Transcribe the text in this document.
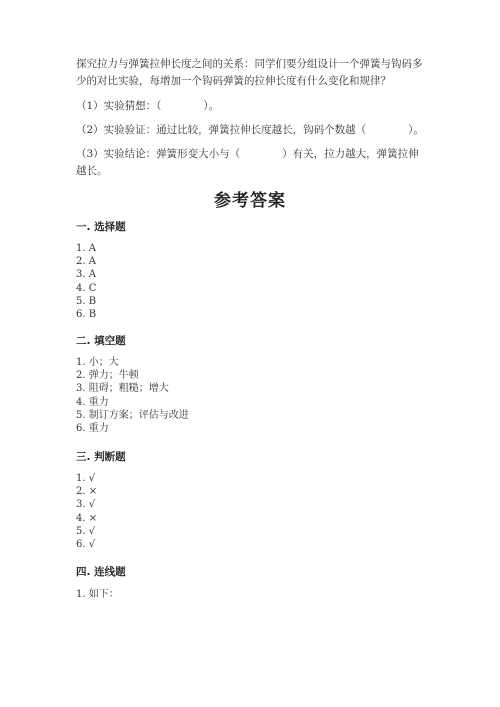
探究拉力与弹簧拉伸长度之间的关系：同学们要分组设计一个弹簧与钩码多少的对比实验，每增加一个钩码弹簧的拉伸长度有什么变化和规律？

（1）实验猜想：（　　　　）。

（2）实验验证：通过比较，弹簧拉伸长度越长，钩码个数越（　　　　）。

（3）实验结论：弹簧形变大小与（　　　　）有关，拉力越大，弹簧拉伸越长。

参考答案
一. 选择题
1. A
2. A
3. A
4. C
5. B
6. B
二. 填空题
1. 小；大
2. 弹力；牛顿
3. 阻碍；粗糙；增大
4. 重力
5. 制订方案；评估与改进
6. 重力
三. 判断题
1. √
2. ×
3. √
4. ×
5. √
6. √
四. 连线题
1. 如下：
